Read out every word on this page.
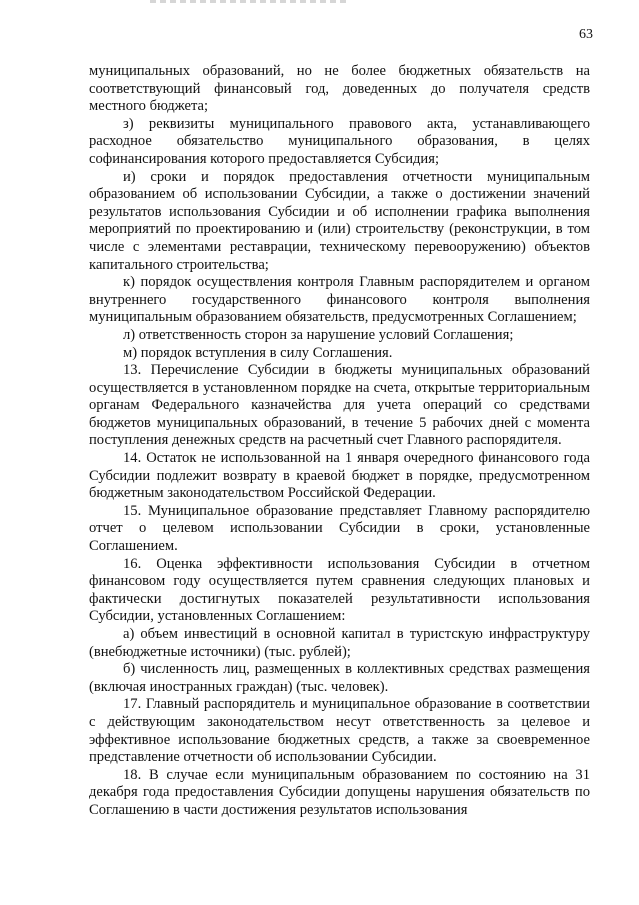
63

муниципальных образований, но не более бюджетных обязательств на соответствующий финансовый год, доведенных до получателя средств местного бюджета;

з) реквизиты муниципального правового акта, устанавливающего расходное обязательство муниципального образования, в целях софинансирования которого предоставляется Субсидия;

и) сроки и порядок предоставления отчетности муниципальным образованием об использовании Субсидии, а также о достижении значений результатов использования Субсидии и об исполнении графика выполнения мероприятий по проектированию и (или) строительству (реконструкции, в том числе с элементами реставрации, техническому перевооружению) объектов капитального строительства;

к) порядок осуществления контроля Главным распорядителем и органом внутреннего государственного финансового контроля выполнения муниципальным образованием обязательств, предусмотренных Соглашением;

л) ответственность сторон за нарушение условий Соглашения;

м) порядок вступления в силу Соглашения.

13. Перечисление Субсидии в бюджеты муниципальных образований осуществляется в установленном порядке на счета, открытые территориальным органам Федерального казначейства для учета операций со средствами бюджетов муниципальных образований, в течение 5 рабочих дней с момента поступления денежных средств на расчетный счет Главного распорядителя.

14. Остаток не использованной на 1 января очередного финансового года Субсидии подлежит возврату в краевой бюджет в порядке, предусмотренном бюджетным законодательством Российской Федерации.

15. Муниципальное образование представляет Главному распорядителю отчет о целевом использовании Субсидии в сроки, установленные Соглашением.

16. Оценка эффективности использования Субсидии в отчетном финансовом году осуществляется путем сравнения следующих плановых и фактически достигнутых показателей результативности использования Субсидии, установленных Соглашением:

а) объем инвестиций в основной капитал в туристскую инфраструктуру (внебюджетные источники) (тыс. рублей);

б) численность лиц, размещенных в коллективных средствах размещения (включая иностранных граждан) (тыс. человек).

17. Главный распорядитель и муниципальное образование в соответствии с действующим законодательством несут ответственность за целевое и эффективное использование бюджетных средств, а также за своевременное представление отчетности об использовании Субсидии.

18. В случае если муниципальным образованием по состоянию на 31 декабря года предоставления Субсидии допущены нарушения обязательств по Соглашению в части достижения результатов использования
